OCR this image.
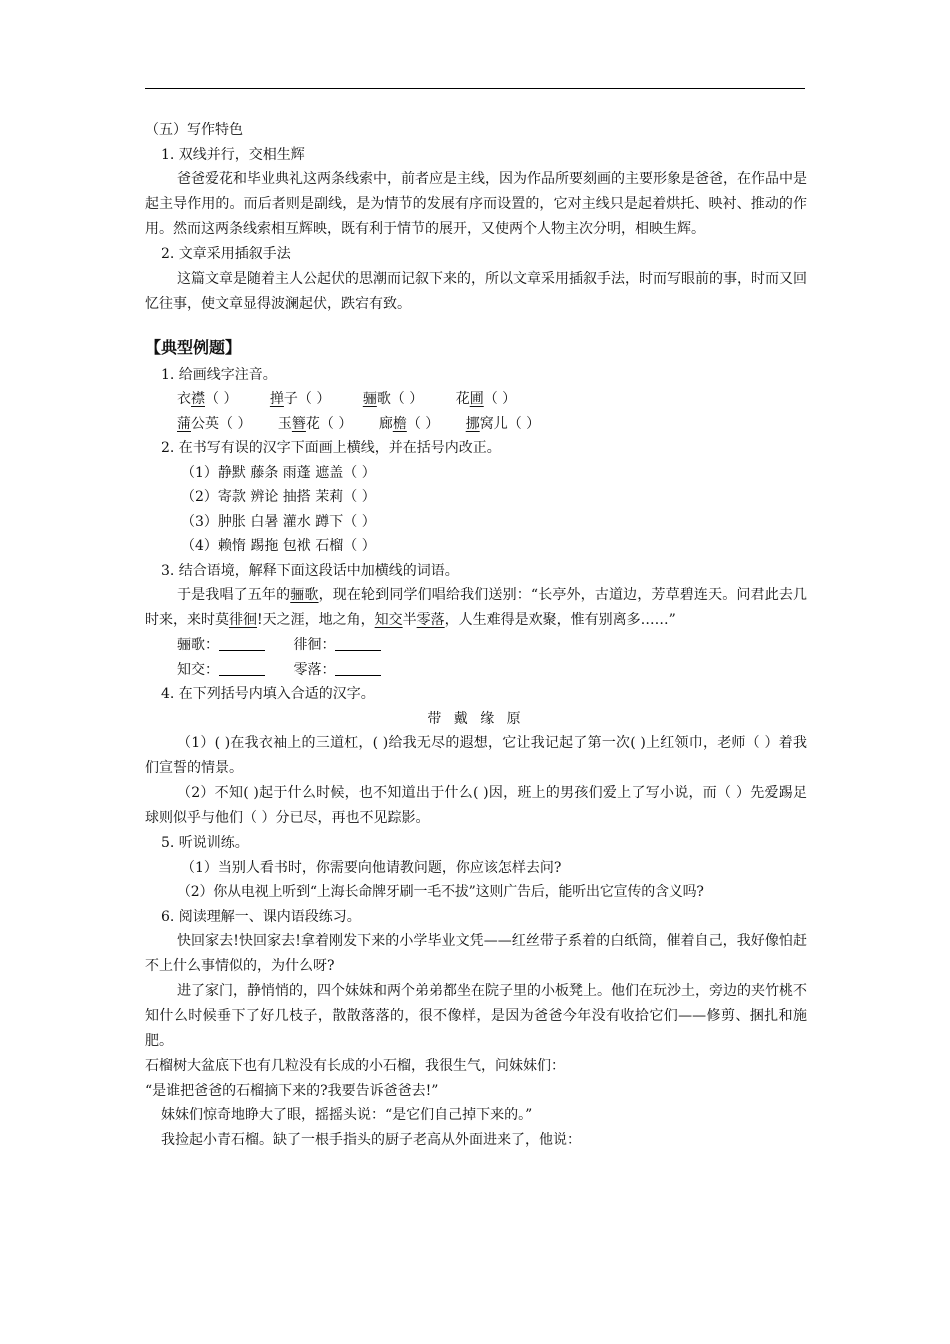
（五）写作特色
1. 双线并行，交相生辉
爸爸爱花和毕业典礼这两条线索中，前者应是主线，因为作品所要刻画的主要形象是爸爸，在作品中是起主导作用的。而后者则是副线，是为情节的发展有序而设置的，它对主线只是起着烘托、映衬、推动的作用。然而这两条线索相互辉映，既有利于情节的展开，又使两个人物主次分明，相映生辉。
2. 文章采用插叙手法
这篇文章是随着主人公起伏的思潮而记叙下来的，所以文章采用插叙手法，时而写眼前的事，时而又回忆往事，使文章显得波澜起伏，跌宕有致。
【典型例题】
1. 给画线字注音。
衣襟（ ） 掸子（ ） 骊歌（ ） 花圃（ ）
蒲公英（ ） 玉簪花（ ） 廊檐（ ） 挪窝儿（ ）
2. 在书写有误的汉字下面画上横线，并在括号内改正。
（1）静默 藤条 雨蓬 遮盖（ ）
（2）寄款 辨论 抽搭 茉莉（ ）
（3）肿胀 白暑 灌水 蹲下（ ）
（4）赖惰 踢拖 包袱 石榴（ ）
3. 结合语境，解释下面这段话中加横线的词语。
于是我唱了五年的骊歌，现在轮到同学们唱给我们送别：“长亭外，古道边，芳草碧连天。问君此去几时来，来时莫徘徊!天之涯，地之角，知交半零落，人生难得是欢聚，惟有别离多……”
骊歌：	徘徊：
知交：	零落：
4. 在下列括号内填入合适的汉字。
带 戴 缘 原
（1）( )在我衣袖上的三道杠，( )给我无尽的遐想，它让我记起了第一次( )上红领巾，老师（ ）着我们宣誓的情景。
（2）不知( )起于什么时候，也不知道出于什么( )因，班上的男孩们爱上了写小说，而（ ）先爱踢足球则似乎与他们（ ）分已尽，再也不见踪影。
5. 听说训练。
（1）当别人看书时，你需要向他请教问题，你应该怎样去问?
（2）你从电视上听到“上海长命牌牙刷一毛不拔”这则广告后，能听出它宣传的含义吗?
6. 阅读理解一、课内语段练习。
快回家去!快回家去!拿着刚发下来的小学毕业文凭——红丝带子系着的白纸筒，催着自己，我好像怕赶不上什么事情似的，为什么呀?
进了家门，静悄悄的，四个妹妹和两个弟弟都坐在院子里的小板凳上。他们在玩沙土，旁边的夹竹桃不知什么时候垂下了好几枝子，散散落落的，很不像样，是因为爸爸今年没有收拾它们——修剪、捆扎和施肥。
石榴树大盆底下也有几粒没有长成的小石榴，我很生气，问妹妹们：
“是谁把爸爸的石榴摘下来的?我要告诉爸爸去!”
妹妹们惊奇地睁大了眼，摇摇头说：“是它们自己掉下来的。”
我捡起小青石榴。缺了一根手指头的厨子老高从外面进来了，他说：
